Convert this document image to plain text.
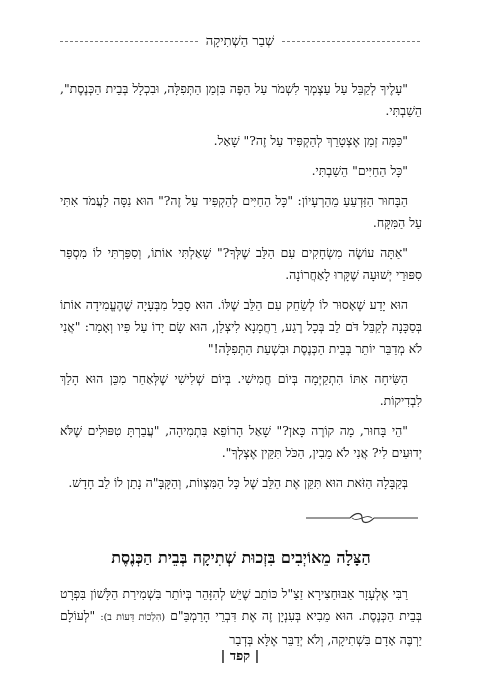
שְׁבַר הַשְׁתִיקָה

"עָלֶיךָ לְקַבֵּל עַל עַצְמְךָ לִשְׁמֹר עַל הַפֶּה בִּזְמַן הַתְּפִלָּה, וּבִכְלָל בְּבֵית הַכְּנֶסֶת", הֵשַׁבְתִּי.

"כַּמָּה זְמַן אֶצְטָרֵךְ לְהַקְפִּיד עַל זֶה?" שָׁאַל.

"כָּל הַחַיִּים" הֵשַׁבְתִּי.

הַבָּחוּר הַזַּדְעֵעַ מֵהַרְעָיוֹן: "כָּל הַחַיִּים לְהַקְפִּיד עַל זֶה?" הוּא נִסָּה לַעֲמֹד אִתִּי עַל הַמִּקָּח.

"אַתָּה עוֹשֶׂה מִשְׂחָקִים עִם הַלֵּב שֶׁלְּךָ?" שָׁאַלְתִּי אוֹתוֹ, וְסִפַּרְתִּי לוֹ מִסְפַּר סִפּוּרֵי יְשׁוּעָה שֶׁקָּרוּ לָאַחֲרוֹנָה.

הוּא יָדַע שֶׁאָסוּר לוֹ לְשַׂחֵק עִם הַלֵּב שֶׁלּוֹ. הוּא סָבַל מִבְּעָיָה שֶׁהֶעֱמִידָה אוֹתוֹ בְּסַכָּנָה לְקַבֵּל דֹּם לֵב בְּכָל רֶגַע, רַחֲמָנָא לִיצְלַן, הוּא שָׂם יָדוֹ עַל פִּיו וְאָמַר: "אֲנִי לֹא מְדַבֵּר יוֹתֵר בְּבֵית הַכְּנֶסֶת וּבִשְׁעַת הַתְּפִלָּה!"

הַשִּׂיחָה אִתּוֹ הִתְקַיְּמָה בְּיוֹם חֲמִישִׁי. בְּיוֹם שְׁלִישִׁי שֶׁלְּאַחַר מִכֵּן הוּא הָלַךְ לִבְדִיקוֹת.

"הֵי בָּחוּר, מָה קוֹרֶה כָּאן?" שָׁאַל הָרוֹפֵא בִּתְמִיהָה, "עֲבַרְתָּ טִפּוּלִים שֶׁלֹּא יְדוּעִים לִי? אֲנִי לֹא מֵבִין, הַכֹּל תִּקֵּין אֶצְלְךָ".

בְּקַבָּלָה הַזֹּאת הוּא תִּקֵּן אֶת הַלֵּב שֶׁל כָּל הַמִּצְווֹת, וְהַקָּבָּ"ה נָתַן לוֹ לֵב חָדָשׁ.

הַצָּלָה מֵאוֹיְבִים בִּזְכוּת שְׁתִיקָה בְּבֵית הַכְּנֶסֶת

רַבִּי אֶלְעָזָר אַבּוּחַצִירָא זַצַ"ל כּוֹתֵב שֶׁיֵּשׁ לְהִזָּהֵר בְּיוֹתֵר בִּשְׁמִירַת הַלָּשׁוֹן בִּפְרָט בְּבֵית הַכְּנֶסֶת. הוּא מֵבִיא בְּעִנְיָן זֶה אֶת דִּבְרֵי הָרַמְבַּ"ם (הִלְכוֹת דֵּעוֹת ב): "לְעוֹלָם יַרְבֶּה אָדָם בִּשְׁתִיקָה, וְלֹא יְדַבֵּר אֶלָּא בְּדְבַר

| קפד |
